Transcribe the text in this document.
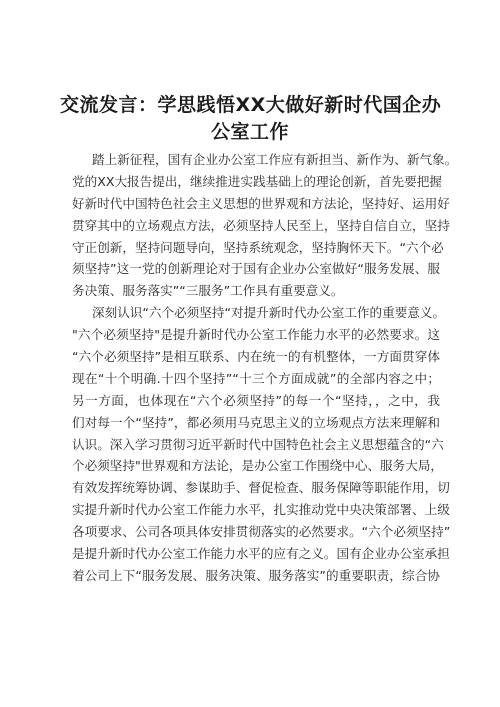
交流发言：学思践悟XX大做好新时代国企办
公室工作
踏上新征程，国有企业办公室工作应有新担当、新作为、新气象。
党的XX大报告提出，继续推进实践基础上的理论创新，首先要把握
好新时代中国特色社会主义思想的世界观和方法论，坚持好、运用好
贯穿其中的立场观点方法，必须坚持人民至上，坚持自信自立，坚持
守正创新，坚持问题导向，坚持系统观念，坚持胸怀天下。“六个必
须坚持”这一党的创新理论对于国有企业办公室做好“服务发展、服
务决策、服务落实”“三服务”工作具有重要意义。
深刻认识“六个必须坚持“对提升新时代办公室工作的重要意义。
"六个必须坚持"是提升新时代办公室工作能力水平的必然要求。这
“六个必须坚持”是相互联系、内在统一的有机整体，一方面贯穿体
现在“十个明确.十四个坚持”“十三个方面成就”的全部内容之中；
另一方面，也体现在“六个必须坚持”的每一个“坚持，，之中，我
们对每一个“坚持”，都必须用马克思主义的立场观点方法来理解和
认识。深入学习贯彻习近平新时代中国特色社会主义思想蕴含的“六
个必须坚持"世界观和方法论，是办公室工作围绕中心、服务大局，
有效发挥统筹协调、参谋助手、督促检查、服务保障等职能作用，切
实提升新时代办公室工作能力水平，扎实推动党中央决策部署、上级
各项要求、公司各项具体安排贯彻落实的必然要求。“六个必须坚持”
是提升新时代办公室工作能力水平的应有之义。国有企业办公室承担
着公司上下“服务发展、服务决策、服务落实”的重要职责，综合协
